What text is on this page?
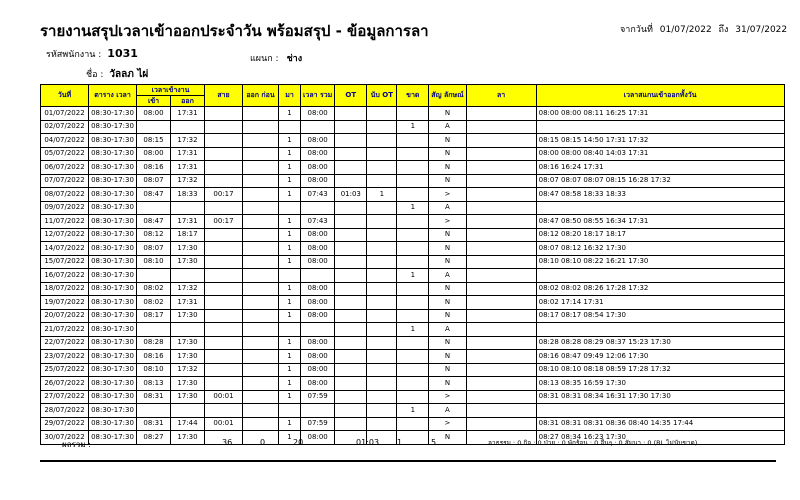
รายงานสรุปเวลาเข้าออกประจำวัน พร้อมสรุป - ข้อมูลการลา	จากวันที่ 01/07/2022 ถึง 31/07/2022
รหัสพนักงาน : 1031	แผนก : ช่าง
ชื่อ : วัลลภ ไผ่
วันที่	ตาราง เวลา	เวลาเข้างาน		สาย	ออก ก่อน	มา	เวลา รวม	OT	นับ OT	ขาด	สัญ ลักษณ์	ลา	เวลาสแกนเข้าออกทั้งวัน
		เข้า	ออก										
01/07/2022	08:30-17:30	08:00	17:31			1	08:00				N		08:00 08:00 08:11 16:25 17:31
02/07/2022	08:30-17:30									1	A		
04/07/2022	08:30-17:30	08:15	17:32			1	08:00				N		08:15 08:15 14:50 17:31 17:32
05/07/2022	08:30-17:30	08:00	17:31			1	08:00				N		08:00 08:00 08:40 14:03 17:31
06/07/2022	08:30-17:30	08:16	17:31			1	08:00				N		08:16 16:24 17:31
07/07/2022	08:30-17:30	08:07	17:32			1	08:00				N		08:07 08:07 08:07 08:15 16:28 17:32
08/07/2022	08:30-17:30	08:47	18:33	00:17		1	07:43	01:03	1		>		08:47 08:58 18:33 18:33
09/07/2022	08:30-17:30									1	A		
11/07/2022	08:30-17:30	08:47	17:31	00:17		1	07:43				>		08:47 08:50 08:55 16:34 17:31
12/07/2022	08:30-17:30	08:12	18:17			1	08:00				N		08:12 08:20 18:17 18:17
14/07/2022	08:30-17:30	08:07	17:30			1	08:00				N		08:07 08:12 16:32 17:30
15/07/2022	08:30-17:30	08:10	17:30			1	08:00				N		08:10 08:10 08:22 16:21 17:30
16/07/2022	08:30-17:30									1	A		
18/07/2022	08:30-17:30	08:02	17:32			1	08:00				N		08:02 08:02 08:26 17:28 17:32
19/07/2022	08:30-17:30	08:02	17:31			1	08:00				N		08:02 17:14 17:31
20/07/2022	08:30-17:30	08:17	17:30			1	08:00				N		08:17 08:17 08:54 17:30
21/07/2022	08:30-17:30									1	A		
22/07/2022	08:30-17:30	08:28	17:30			1	08:00				N		08:28 08:28 08:29 08:37 15:23 17:30
23/07/2022	08:30-17:30	08:16	17:30			1	08:00				N		08:16 08:47 09:49 12:06 17:30
25/07/2022	08:30-17:30	08:10	17:32			1	08:00				N		08:10 08:10 08:18 08:59 17:28 17:32
26/07/2022	08:30-17:30	08:13	17:30			1	08:00				N		08:13 08:35 16:59 17:30
27/07/2022	08:30-17:30	08:31	17:30	00:01		1	07:59				>		08:31 08:31 08:34 16:31 17:30 17:30
28/07/2022	08:30-17:30									1	A		
29/07/2022	08:30-17:30	08:31	17:44	00:01		1	07:59				>		08:31 08:31 08:31 08:36 08:40 14:35 17:44
30/07/2022	08:30-17:30	08:27	17:30			1	08:00				N		08:27 08:34 16:23 17:30
ผลรวม :	36	0	20	01:03 1	5	ลาธรรม : 0 กิจ : 0 ป่วย : 0 พักร้อน : 0 อื่นๆ : 0 สัมนา : 0 (BL ไม่นับขาด)
